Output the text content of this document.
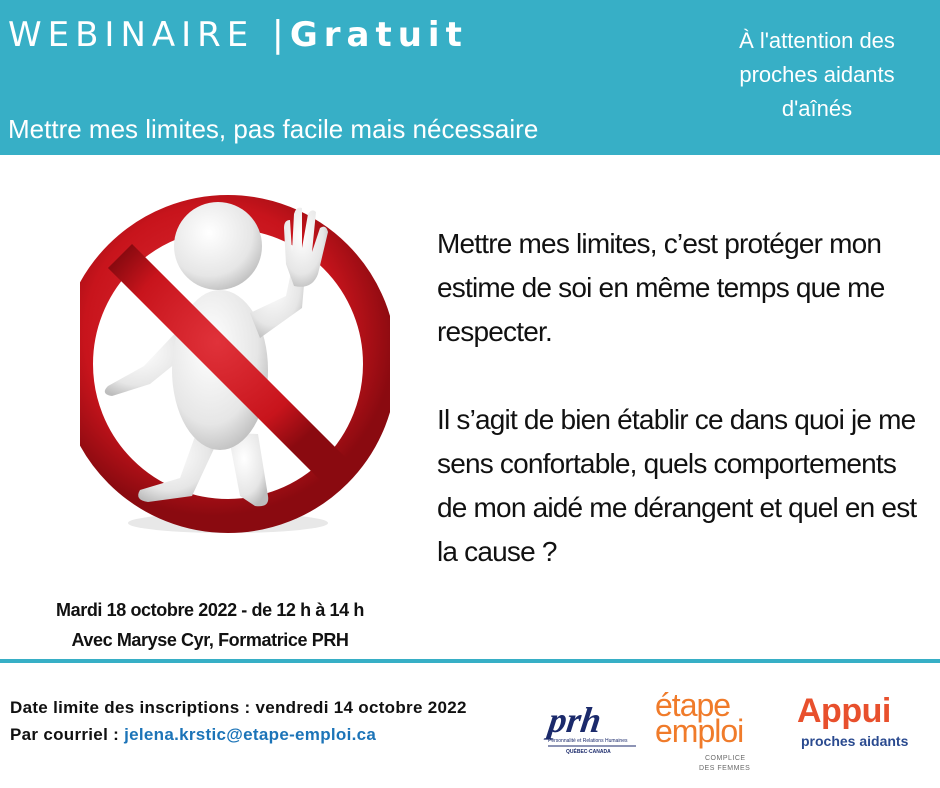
WEBINAIRE |Gratuit
Mettre mes limites, pas facile mais nécessaire
À l'attention des
proches aidants
d'aînés

Mettre mes limites, c’est protéger mon estime de soi en même temps que me respecter.

Il s’agit de bien établir ce dans quoi je me sens confortable, quels comportements de mon aidé me dérangent et quel en est la cause ?

Mardi 18 octobre 2022 - de 12 h à 14 h
Avec Maryse Cyr, Formatrice PRH
Date limite des inscriptions : vendredi 14 octobre 2022
Par courriel : jelena.krstic@etape-emploi.ca	prh
Personnalité et Relations Humaines
QUÉBEC·CANADA
étape
emploi
COMPLICE
DES FEMMES
Appui
proches aidants
